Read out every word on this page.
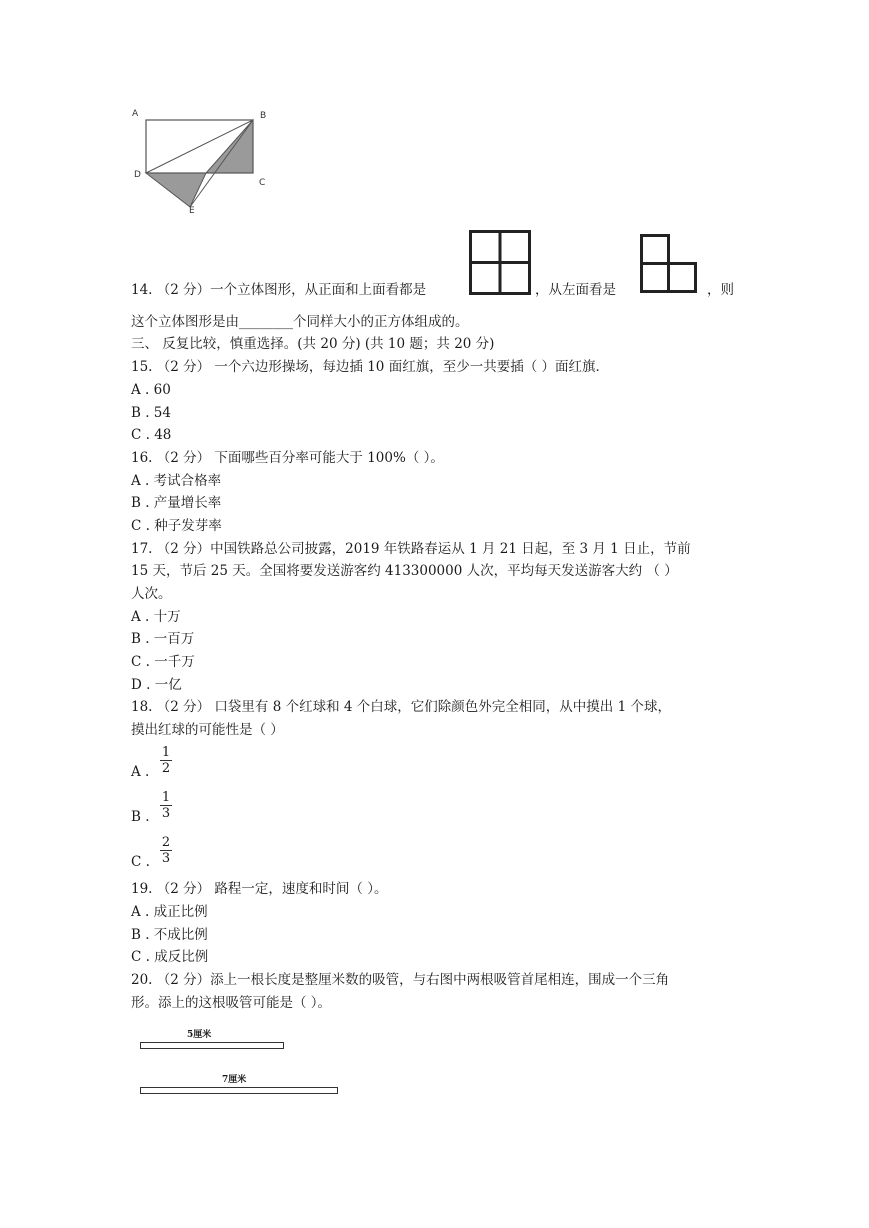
A	B
C
D
E
14. （2 分）一个立体图形，从正面和上面看都是	，从左面看是	，则
这个立体图形是由________个同样大小的正方体组成的。
三、 反复比较，慎重选择。(共 20 分) (共 10 题；共 20 分)
15. （2 分） 一个六边形操场，每边插 10 面红旗，至少一共要插（ ）面红旗．
A . 60
B . 54
C . 48
16. （2 分） 下面哪些百分率可能大于 100%（ ）。
A . 考试合格率
B . 产量增长率
C . 种子发芽率
17. （2 分）中国铁路总公司披露，2019 年铁路春运从 1 月 21 日起，至 3 月 1 日止，节前
15 天，节后 25 天。全国将要发送游客约 413300000 人次，平均每天发送游客大约 （ ）
人次。
A . 十万
B . 一百万
C . 一千万
D . 一亿
18. （2 分） 口袋里有 8 个红球和 4 个白球，它们除颜色外完全相同，从中摸出 1 个球，
摸出红球的可能性是（ ）
A .
1
2
B .
1
3
C .
2
3
19. （2 分） 路程一定，速度和时间（ ）。
A . 成正比例
B . 不成比例
C . 成反比例
20. （2 分）添上一根长度是整厘米数的吸管，与右图中两根吸管首尾相连，围成一个三角
形。添上的这根吸管可能是（ ）。
5厘米
7厘米
